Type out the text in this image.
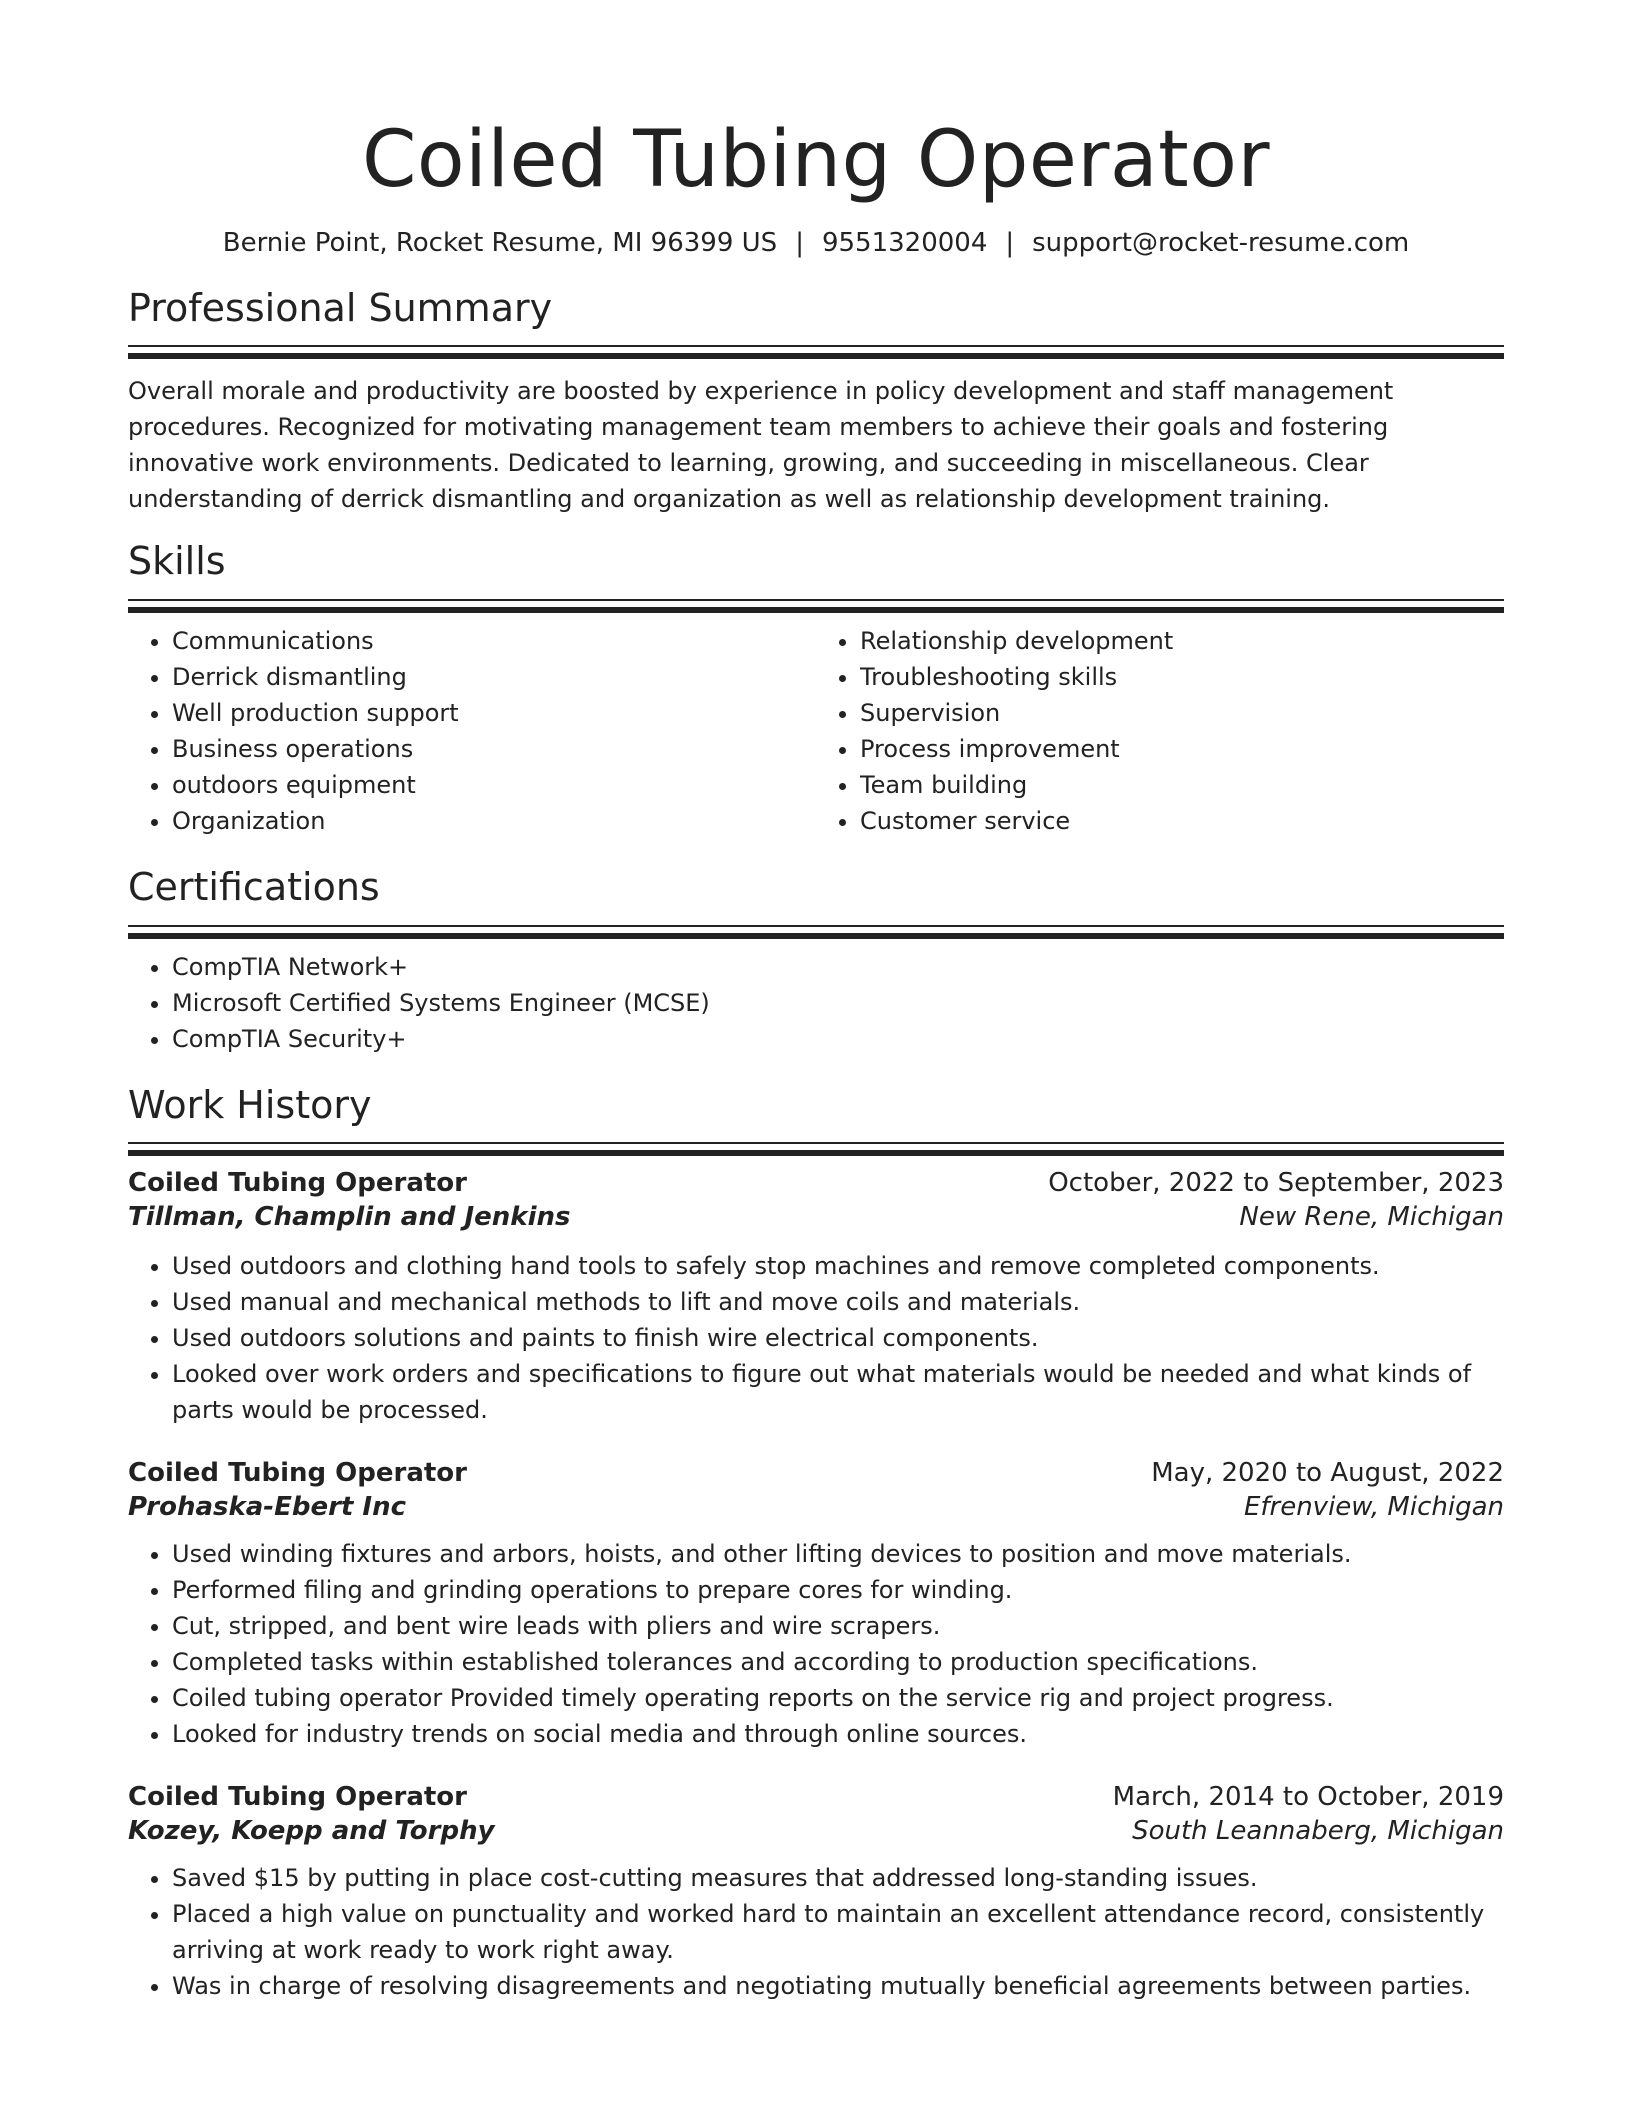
Coiled Tubing Operator
Bernie Point, Rocket Resume, MI 96399 US | 9551320004 | support@rocket-resume.com
Professional Summary
Overall morale and productivity are boosted by experience in policy development and staff management procedures. Recognized for motivating management team members to achieve their goals and fostering innovative work environments. Dedicated to learning, growing, and succeeding in miscellaneous. Clear understanding of derrick dismantling and organization as well as relationship development training.
Skills
• Communications
• Derrick dismantling
• Well production support
• Business operations
• outdoors equipment
• Organization
• Relationship development
• Troubleshooting skills
• Supervision
• Process improvement
• Team building
• Customer service
Certifications
• CompTIA Network+
• Microsoft Certified Systems Engineer (MCSE)
• CompTIA Security+
Work History
Coiled Tubing Operator	October, 2022 to September, 2023
Tillman, Champlin and Jenkins	New Rene, Michigan
• Used outdoors and clothing hand tools to safely stop machines and remove completed components.
• Used manual and mechanical methods to lift and move coils and materials.
• Used outdoors solutions and paints to finish wire electrical components.
• Looked over work orders and specifications to figure out what materials would be needed and what kinds of parts would be processed.
Coiled Tubing Operator	May, 2020 to August, 2022
Prohaska-Ebert Inc	Efrenview, Michigan
• Used winding fixtures and arbors, hoists, and other lifting devices to position and move materials.
• Performed filing and grinding operations to prepare cores for winding.
• Cut, stripped, and bent wire leads with pliers and wire scrapers.
• Completed tasks within established tolerances and according to production specifications.
• Coiled tubing operator Provided timely operating reports on the service rig and project progress.
• Looked for industry trends on social media and through online sources.
Coiled Tubing Operator	March, 2014 to October, 2019
Kozey, Koepp and Torphy	South Leannaberg, Michigan
• Saved $15 by putting in place cost-cutting measures that addressed long-standing issues.
• Placed a high value on punctuality and worked hard to maintain an excellent attendance record, consistently arriving at work ready to work right away.
• Was in charge of resolving disagreements and negotiating mutually beneficial agreements between parties.
